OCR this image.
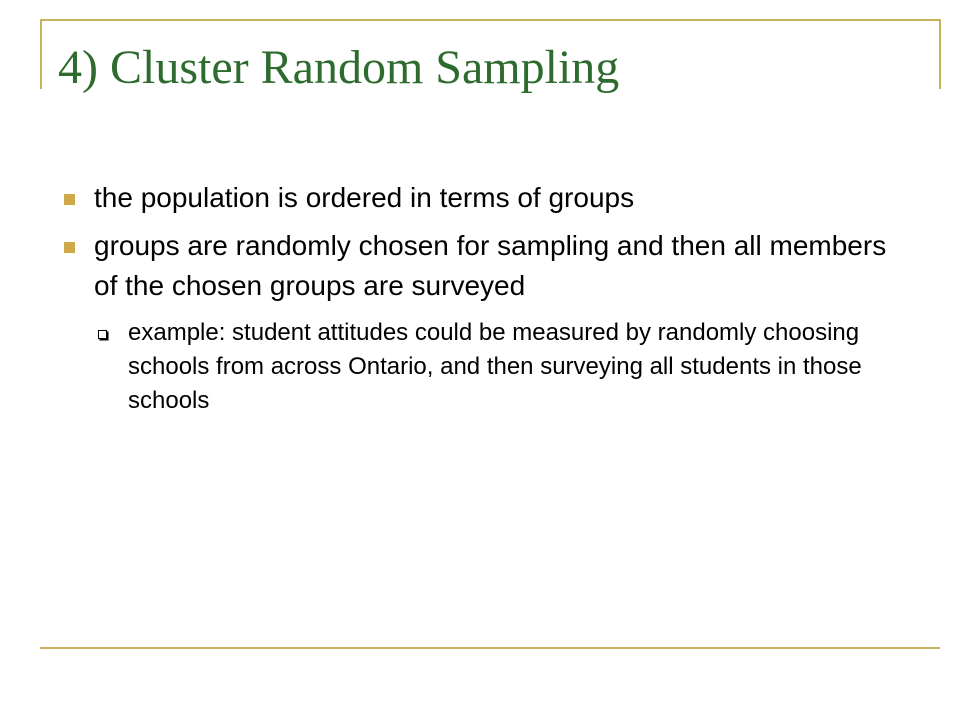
4) Cluster Random Sampling
the population is ordered in terms of groups
groups are randomly chosen for sampling and then all members of the chosen groups are surveyed
example: student attitudes could be measured by randomly choosing schools from across Ontario, and then surveying all students in those schools
